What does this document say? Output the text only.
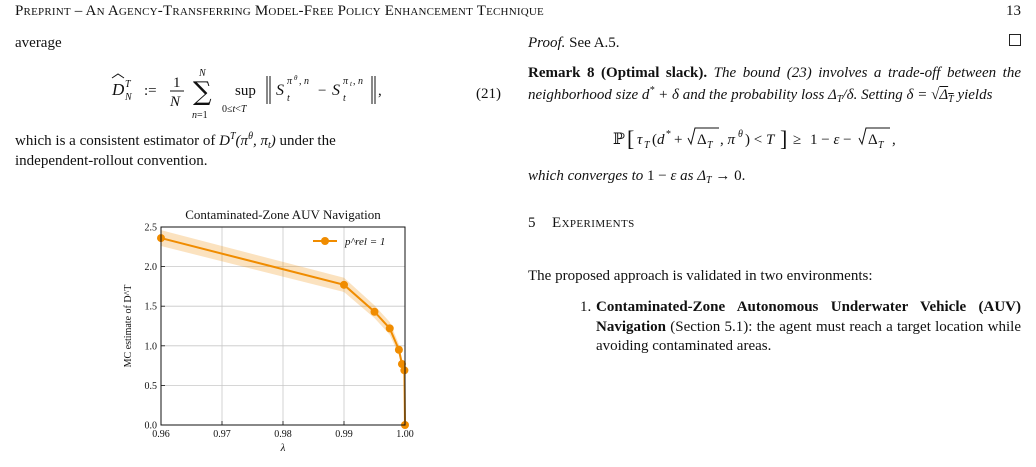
Preprint – An Agency-Transferring Model-Free Policy Enhancement Technique	13

average

D T
N := 1
N ∑
N
n=1
sup
0≤t<T
S
π θ , n
t − S
π t , n
t ,	(21)
which is a consistent estimator of $D^T(\pi^\theta$, $\pi_t$) under the
independent-rollout convention.
Contaminated-Zone AUV Navigation
0.96	0.97	0.98	0.99	1.00
0.0
0.5
1.0
1.5
2.0
2.5
λ
MC estimate of D^T
p^rel = 1
Proof. See A.5.
Remark 8 (Optimal slack). The bound (23) involves a trade-off between the neighborhood size d* + δ and the probability loss $\Delta_T/\delta$. Setting $\delta = √\Delta_T$ yields
ℙ [ τ T (d * + Δ T , π θ ) < T ] ≥ 1 − ε − Δ T ,
which converges to 1 − ε as $\Delta_T \to 0$.
5 Experiments
The proposed approach is validated in two environments:
1. Contaminated-Zone Autonomous Underwater Vehicle (AUV) Navigation (Section 5.1): the agent must reach a target location while avoiding contaminated areas.
